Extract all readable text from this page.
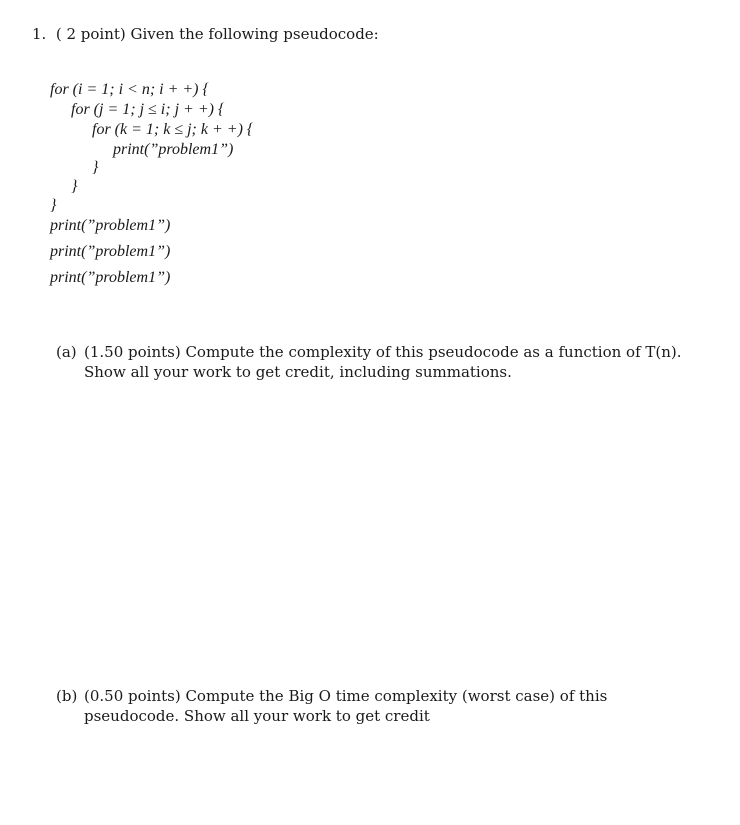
1. ( 2 point) Given the following pseudocode:
for (i = 1; i < n; i + +) {
for (j = 1; j ≤ i; j + +) {
for (k = 1; k ≤ j; k + +) {
print(”problem1”)
}
}
}
print(”problem1”)
print(”problem1”)
print(”problem1”)
(a) (1.50 points) Compute the complexity of this pseudocode as a function of T(n). Show all your work to get credit, including summations.
(b) (0.50 points) Compute the Big O time complexity (worst case) of this pseudocode. Show all your work to get credit
